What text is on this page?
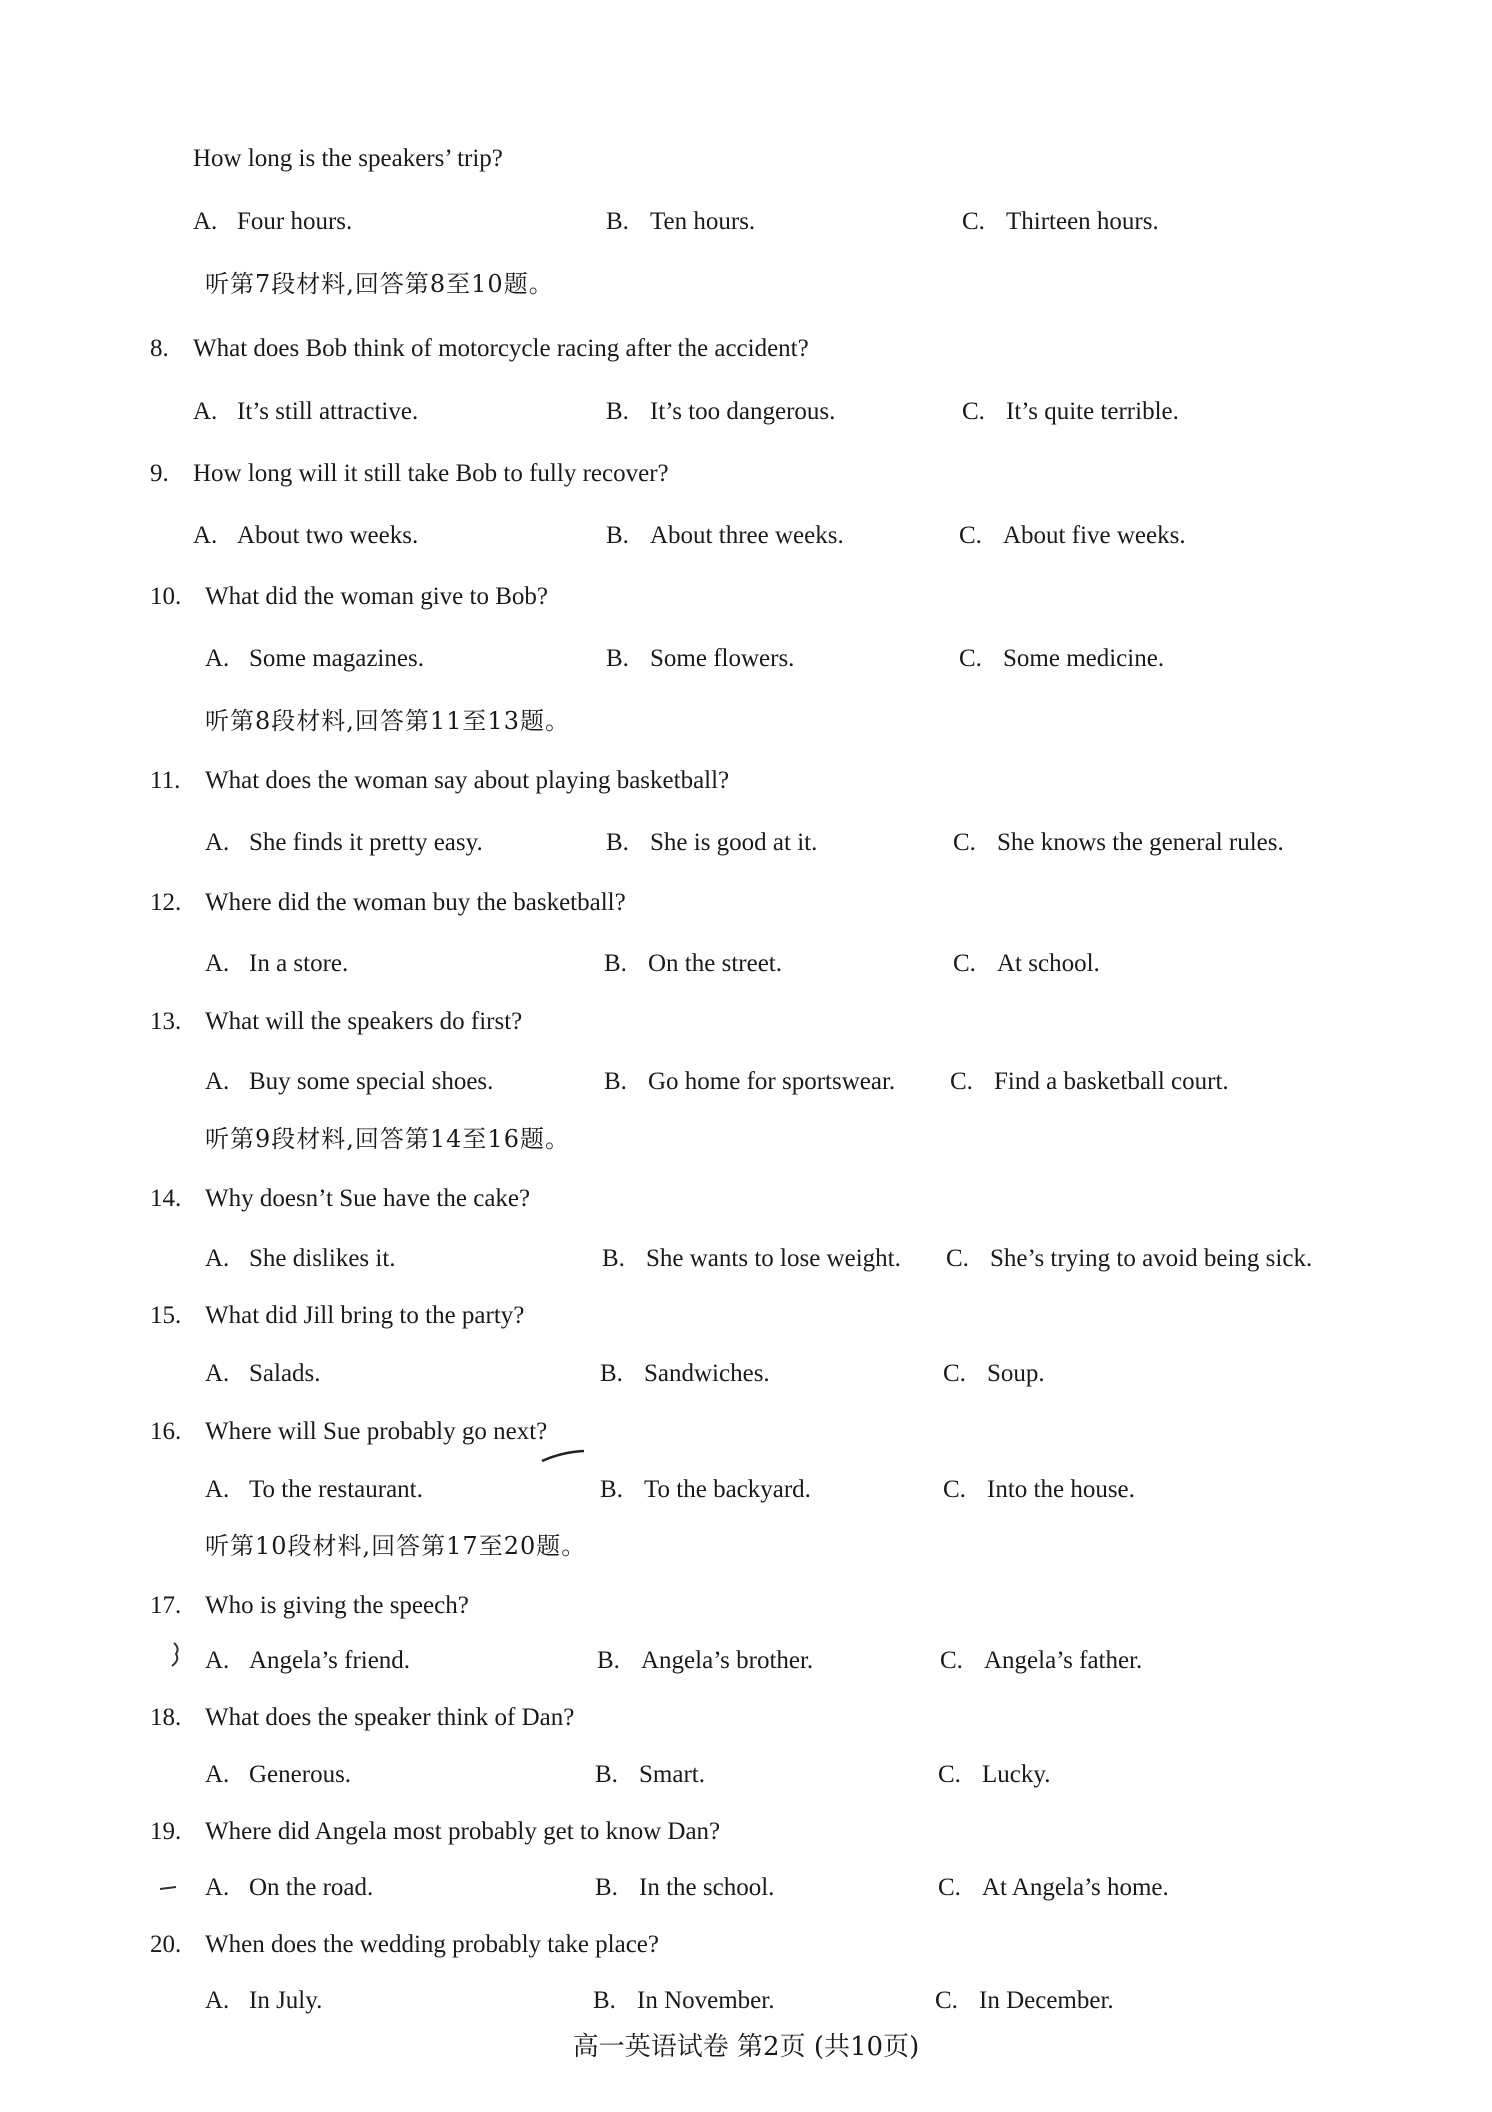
How long is the speakers’ trip?
A. Four hours.	B. Ten hours.	C. Thirteen hours.
听第7段材料,回答第8至10题。
8. What does Bob think of motorcycle racing after the accident?
A. It’s still attractive.	B. It’s too dangerous.	C. It’s quite terrible.
9. How long will it still take Bob to fully recover?
A. About two weeks.	B. About three weeks.	C. About five weeks.
10. What did the woman give to Bob?
A. Some magazines.	B. Some flowers.	C. Some medicine.
听第8段材料,回答第11至13题。
11. What does the woman say about playing basketball?
A. She finds it pretty easy.	B. She is good at it.	C. She knows the general rules.
12. Where did the woman buy the basketball?
A. In a store.	B. On the street.	C. At school.
13. What will the speakers do first?
A. Buy some special shoes.	B. Go home for sportswear. C. Find a basketball court.
听第9段材料,回答第14至16题。
14. Why doesn’t Sue have the cake?
A. She dislikes it.	B. She wants to lose weight. C. She’s trying to avoid being sick.
15. What did Jill bring to the party?
A. Salads.	B. Sandwiches.	C. Soup.
16. Where will Sue probably go next?
A. To the restaurant.	B. To the backyard.	C. Into the house.
听第10段材料,回答第17至20题。
17. Who is giving the speech?
A. Angela’s friend.	B. Angela’s brother.	C. Angela’s father.
18. What does the speaker think of Dan?
A. Generous.	B. Smart.	C. Lucky.
19. Where did Angela most probably get to know Dan?
A. On the road.	B. In the school.	C. At Angela’s home.
20. When does the wedding probably take place?
A. In July.	B. In November.	C. In December.
高一英语试卷 第2页 (共10页)
